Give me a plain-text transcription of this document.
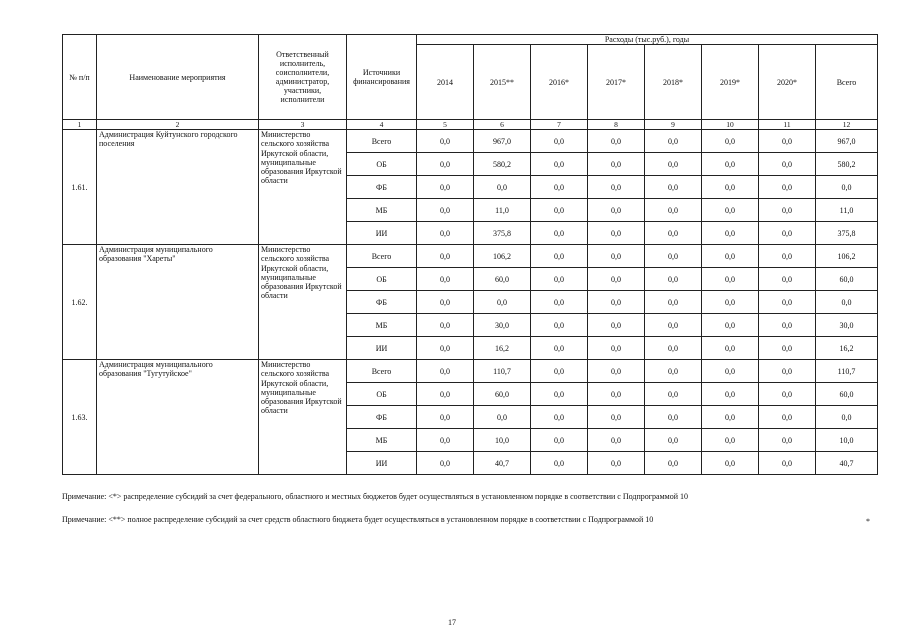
№ п/п	Наименование мероприятия	Ответственный исполнитель, соисполнители, администратор, участники, исполнители	Источники финансирования	Расходы (тыс.руб.), годы							
				2014	2015**	2016*	2017*	2018*	2019*	2020*	Всего
1	2	3	4	5	6	7	8	9	10	11	12
1.61.	Администрация Куйтунского городского поселения	Министерство сельского хозяйства Иркутской области, муниципальные образования Иркутской области	Всего	0,0	967,0	0,0	0,0	0,0	0,0	0,0	967,0
			ОБ	0,0	580,2	0,0	0,0	0,0	0,0	0,0	580,2
			ФБ	0,0	0,0	0,0	0,0	0,0	0,0	0,0	0,0
			МБ	0,0	11,0	0,0	0,0	0,0	0,0	0,0	11,0
			ИИ	0,0	375,8	0,0	0,0	0,0	0,0	0,0	375,8
1.62.	Администрация муниципального образования "Хареты"	Министерство сельского хозяйства Иркутской области, муниципальные образования Иркутской области	Всего	0,0	106,2	0,0	0,0	0,0	0,0	0,0	106,2
			ОБ	0,0	60,0	0,0	0,0	0,0	0,0	0,0	60,0
			ФБ	0,0	0,0	0,0	0,0	0,0	0,0	0,0	0,0
			МБ	0,0	30,0	0,0	0,0	0,0	0,0	0,0	30,0
			ИИ	0,0	16,2	0,0	0,0	0,0	0,0	0,0	16,2
1.63.	Администрация муниципального образования "Тугутуйское"	Министерство сельского хозяйства Иркутской области, муниципальные образования Иркутской области	Всего	0,0	110,7	0,0	0,0	0,0	0,0	0,0	110,7
			ОБ	0,0	60,0	0,0	0,0	0,0	0,0	0,0	60,0
			ФБ	0,0	0,0	0,0	0,0	0,0	0,0	0,0	0,0
			МБ	0,0	10,0	0,0	0,0	0,0	0,0	0,0	10,0
			ИИ	0,0	40,7	0,0	0,0	0,0	0,0	0,0	40,7
Примечание: <*> распределение субсидий за счет федерального, областного и местных бюджетов будет осуществляться в установленном порядке в соответствии с Подпрограммой 10
Примечание: <**> полное распределение субсидий за счет средств областного бюджета будет осуществляться в установленном порядке в соответствии с Подпрограммой 10	*
17
